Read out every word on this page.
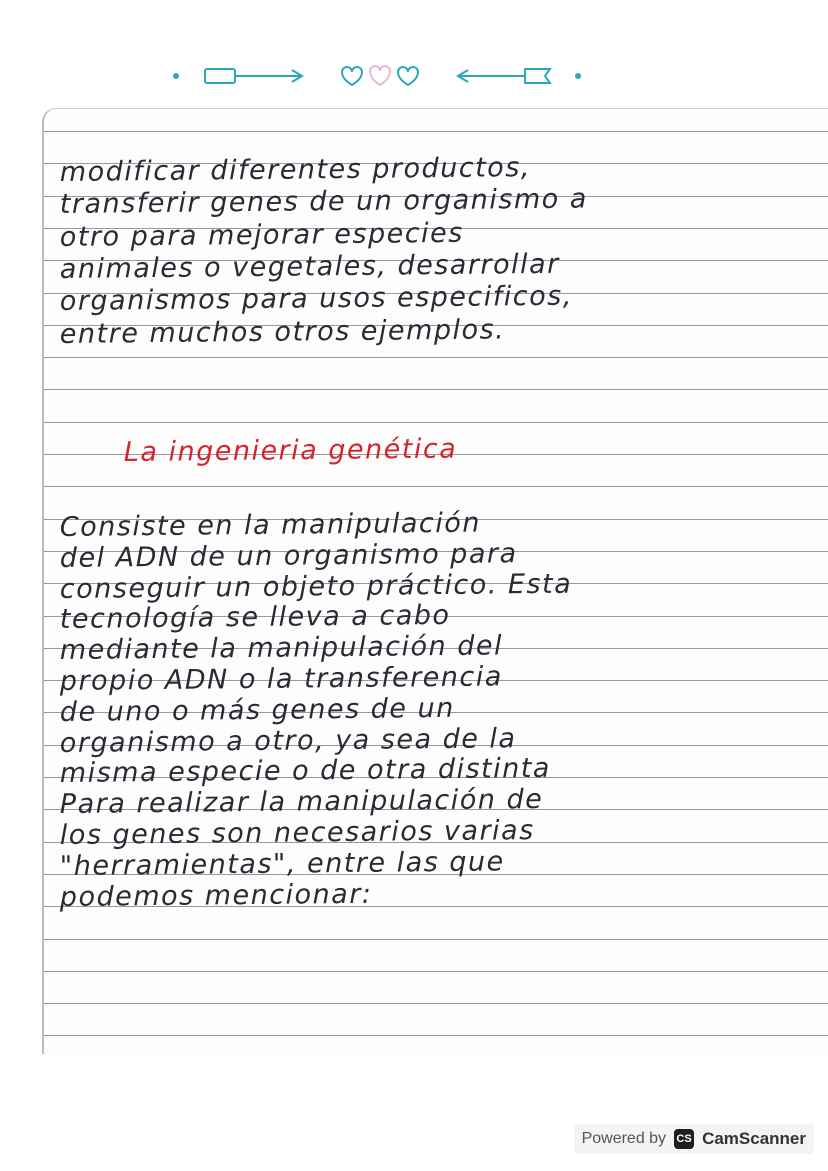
modificar diferentes productos,
transferir genes de un organismo a
otro para mejorar especies
animales o vegetales, desarrollar
organismos para usos especificos,
entre muchos otros ejemplos.
La ingenieria genética
Consiste en la manipulación
del ADN de un organismo para
conseguir un objeto práctico. Esta
tecnología se lleva a cabo
mediante la manipulación del
propio ADN o la transferencia
de uno o más genes de un
organismo a otro, ya sea de la
misma especie o de otra distinta
Para realizar la manipulación de
los genes son necesarios varias
"herramientas", entre las que
podemos mencionar:
Powered by CS CamScanner
